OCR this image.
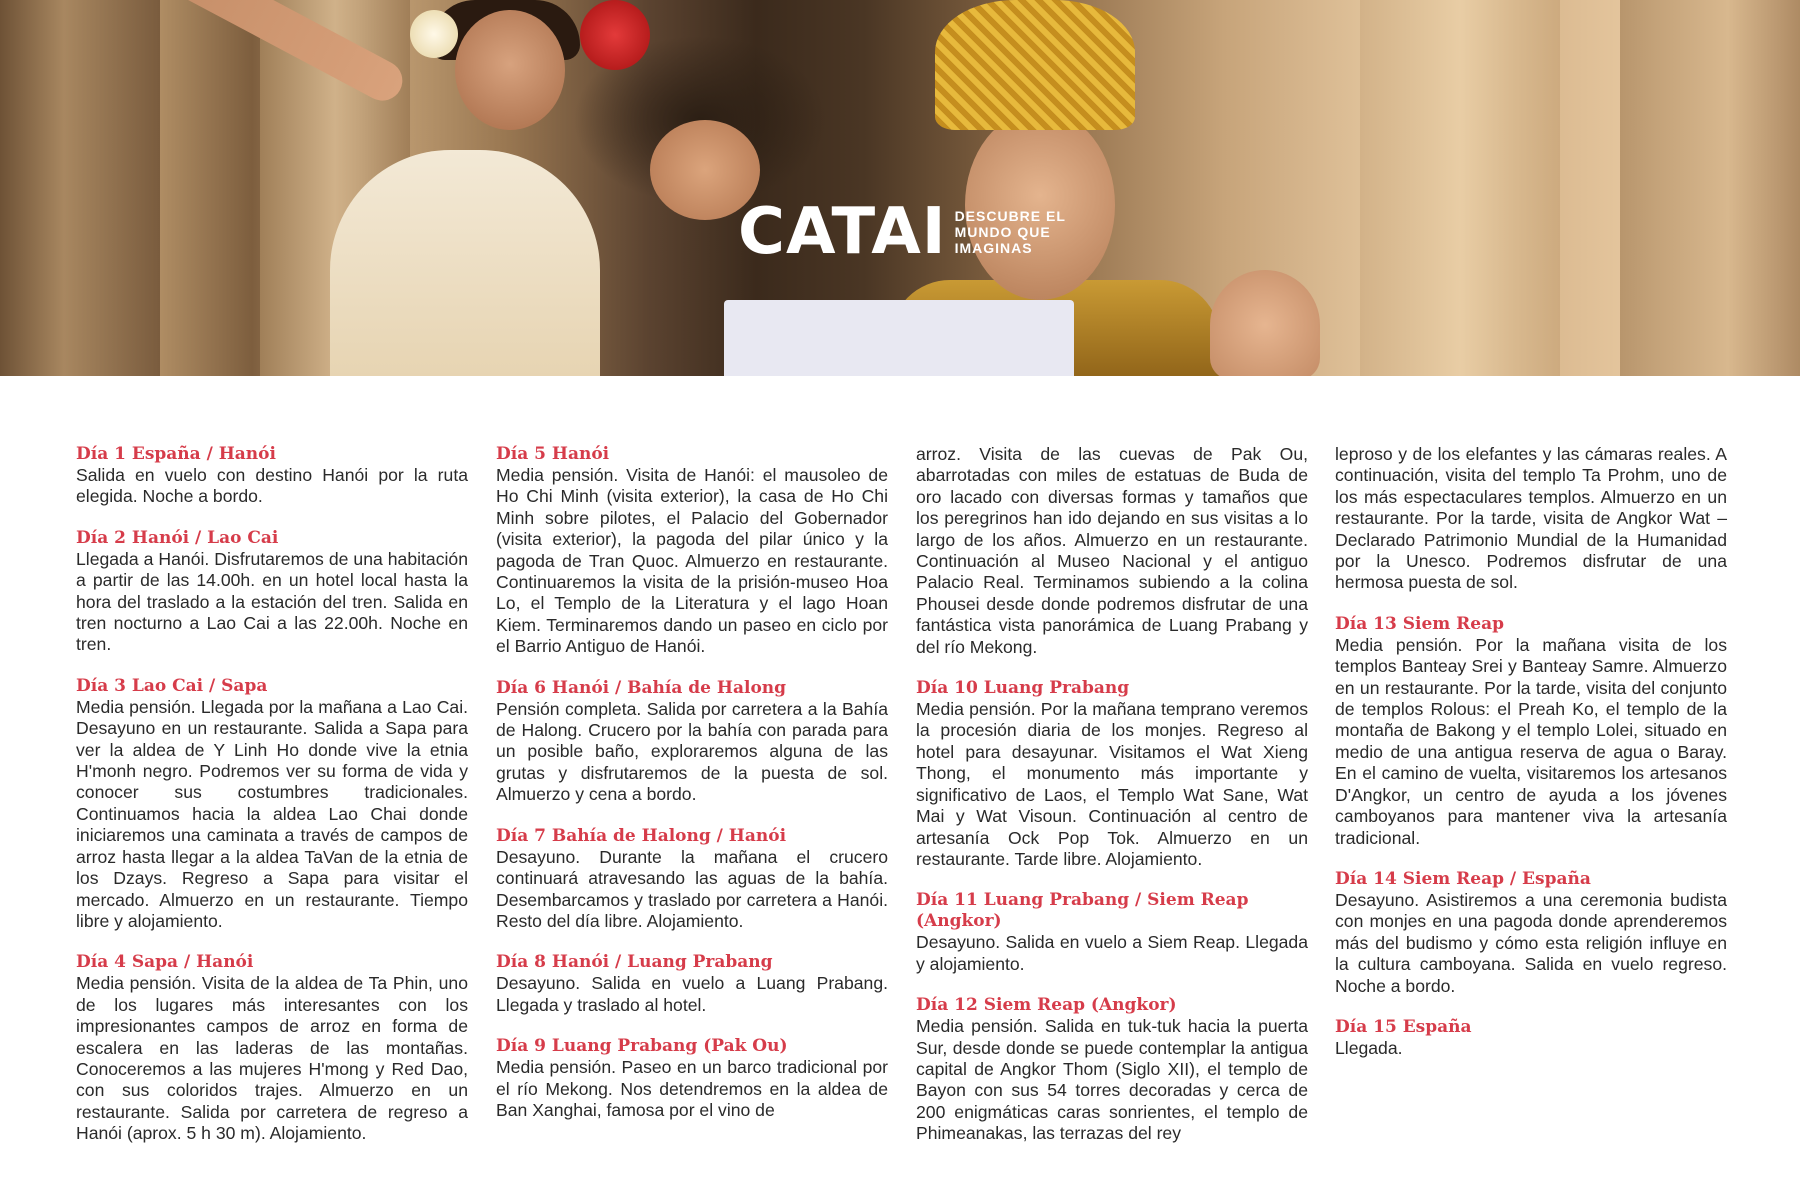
CATAI DESCUBRE EL
MUNDO QUE
IMAGINAS
Día 1 España / Hanói
Salida en vuelo con destino Hanói por la ruta elegida. Noche a bordo.
Día 2 Hanói / Lao Cai
Llegada a Hanói. Disfrutaremos de una habitación a partir de las 14.00h. en un hotel local hasta la hora del traslado a la estación del tren. Salida en tren nocturno a Lao Cai a las 22.00h. Noche en tren.
Día 3 Lao Cai / Sapa
Media pensión. Llegada por la mañana a Lao Cai. Desayuno en un restaurante. Salida a Sapa para ver la aldea de Y Linh Ho donde vive la etnia H'monh negro. Podremos ver su forma de vida y conocer sus costumbres tradicionales. Continuamos hacia la aldea Lao Chai donde iniciaremos una caminata a través de campos de arroz hasta llegar a la aldea TaVan de la etnia de los Dzays. Regreso a Sapa para visitar el mercado. Almuerzo en un restaurante. Tiempo libre y alojamiento.
Día 4 Sapa / Hanói
Media pensión. Visita de la aldea de Ta Phin, uno de los lugares más interesantes con los impresionantes campos de arroz en forma de escalera en las laderas de las montañas. Conoceremos a las mujeres H'mong y Red Dao, con sus coloridos trajes. Almuerzo en un restaurante. Salida por carretera de regreso a Hanói (aprox. 5 h 30 m). Alojamiento.
Día 5 Hanói
Media pensión. Visita de Hanói: el mausoleo de Ho Chi Minh (visita exterior), la casa de Ho Chi Minh sobre pilotes, el Palacio del Gobernador (visita exterior), la pagoda del pilar único y la pagoda de Tran Quoc. Almuerzo en restaurante. Continuaremos la visita de la prisión-museo Hoa Lo, el Templo de la Literatura y el lago Hoan Kiem. Terminaremos dando un paseo en ciclo por el Barrio Antiguo de Hanói.
Día 6 Hanói / Bahía de Halong
Pensión completa. Salida por carretera a la Bahía de Halong. Crucero por la bahía con parada para un posible baño, exploraremos alguna de las grutas y disfrutaremos de la puesta de sol. Almuerzo y cena a bordo.
Día 7 Bahía de Halong / Hanói
Desayuno. Durante la mañana el crucero continuará atravesando las aguas de la bahía. Desembarcamos y traslado por carretera a Hanói. Resto del día libre. Alojamiento.
Día 8 Hanói / Luang Prabang
Desayuno. Salida en vuelo a Luang Prabang. Llegada y traslado al hotel.
Día 9 Luang Prabang (Pak Ou)
Media pensión. Paseo en un barco tradicional por el río Mekong. Nos detendremos en la aldea de Ban Xanghai, famosa por el vino de
arroz. Visita de las cuevas de Pak Ou, abarrotadas con miles de estatuas de Buda de oro lacado con diversas formas y tamaños que los peregrinos han ido dejando en sus visitas a lo largo de los años. Almuerzo en un restaurante. Continuación al Museo Nacional y el antiguo Palacio Real. Terminamos subiendo a la colina Phousei desde donde podremos disfrutar de una fantástica vista panorámica de Luang Prabang y del río Mekong.
Día 10 Luang Prabang
Media pensión. Por la mañana temprano veremos la procesión diaria de los monjes. Regreso al hotel para desayunar. Visitamos el Wat Xieng Thong, el monumento más importante y significativo de Laos, el Templo Wat Sane, Wat Mai y Wat Visoun. Continuación al centro de artesanía Ock Pop Tok. Almuerzo en un restaurante. Tarde libre. Alojamiento.
Día 11 Luang Prabang / Siem Reap (Angkor)
Desayuno. Salida en vuelo a Siem Reap. Llegada y alojamiento.
Día 12 Siem Reap (Angkor)
Media pensión. Salida en tuk-tuk hacia la puerta Sur, desde donde se puede contemplar la antigua capital de Angkor Thom (Siglo XII), el templo de Bayon con sus 54 torres decoradas y cerca de 200 enigmáticas caras sonrientes, el templo de Phimeanakas, las terrazas del rey
leproso y de los elefantes y las cámaras reales. A continuación, visita del templo Ta Prohm, uno de los más espectaculares templos. Almuerzo en un restaurante. Por la tarde, visita de Angkor Wat – Declarado Patrimonio Mundial de la Humanidad por la Unesco. Podremos disfrutar de una hermosa puesta de sol.
Día 13 Siem Reap
Media pensión. Por la mañana visita de los templos Banteay Srei y Banteay Samre. Almuerzo en un restaurante. Por la tarde, visita del conjunto de templos Rolous: el Preah Ko, el templo de la montaña de Bakong y el templo Lolei, situado en medio de una antigua reserva de agua o Baray. En el camino de vuelta, visitaremos los artesanos D'Angkor, un centro de ayuda a los jóvenes camboyanos para mantener viva la artesanía tradicional.
Día 14 Siem Reap / España
Desayuno. Asistiremos a una ceremonia budista con monjes en una pagoda donde aprenderemos más del budismo y cómo esta religión influye en la cultura camboyana. Salida en vuelo regreso. Noche a bordo.
Día 15 España
Llegada.
